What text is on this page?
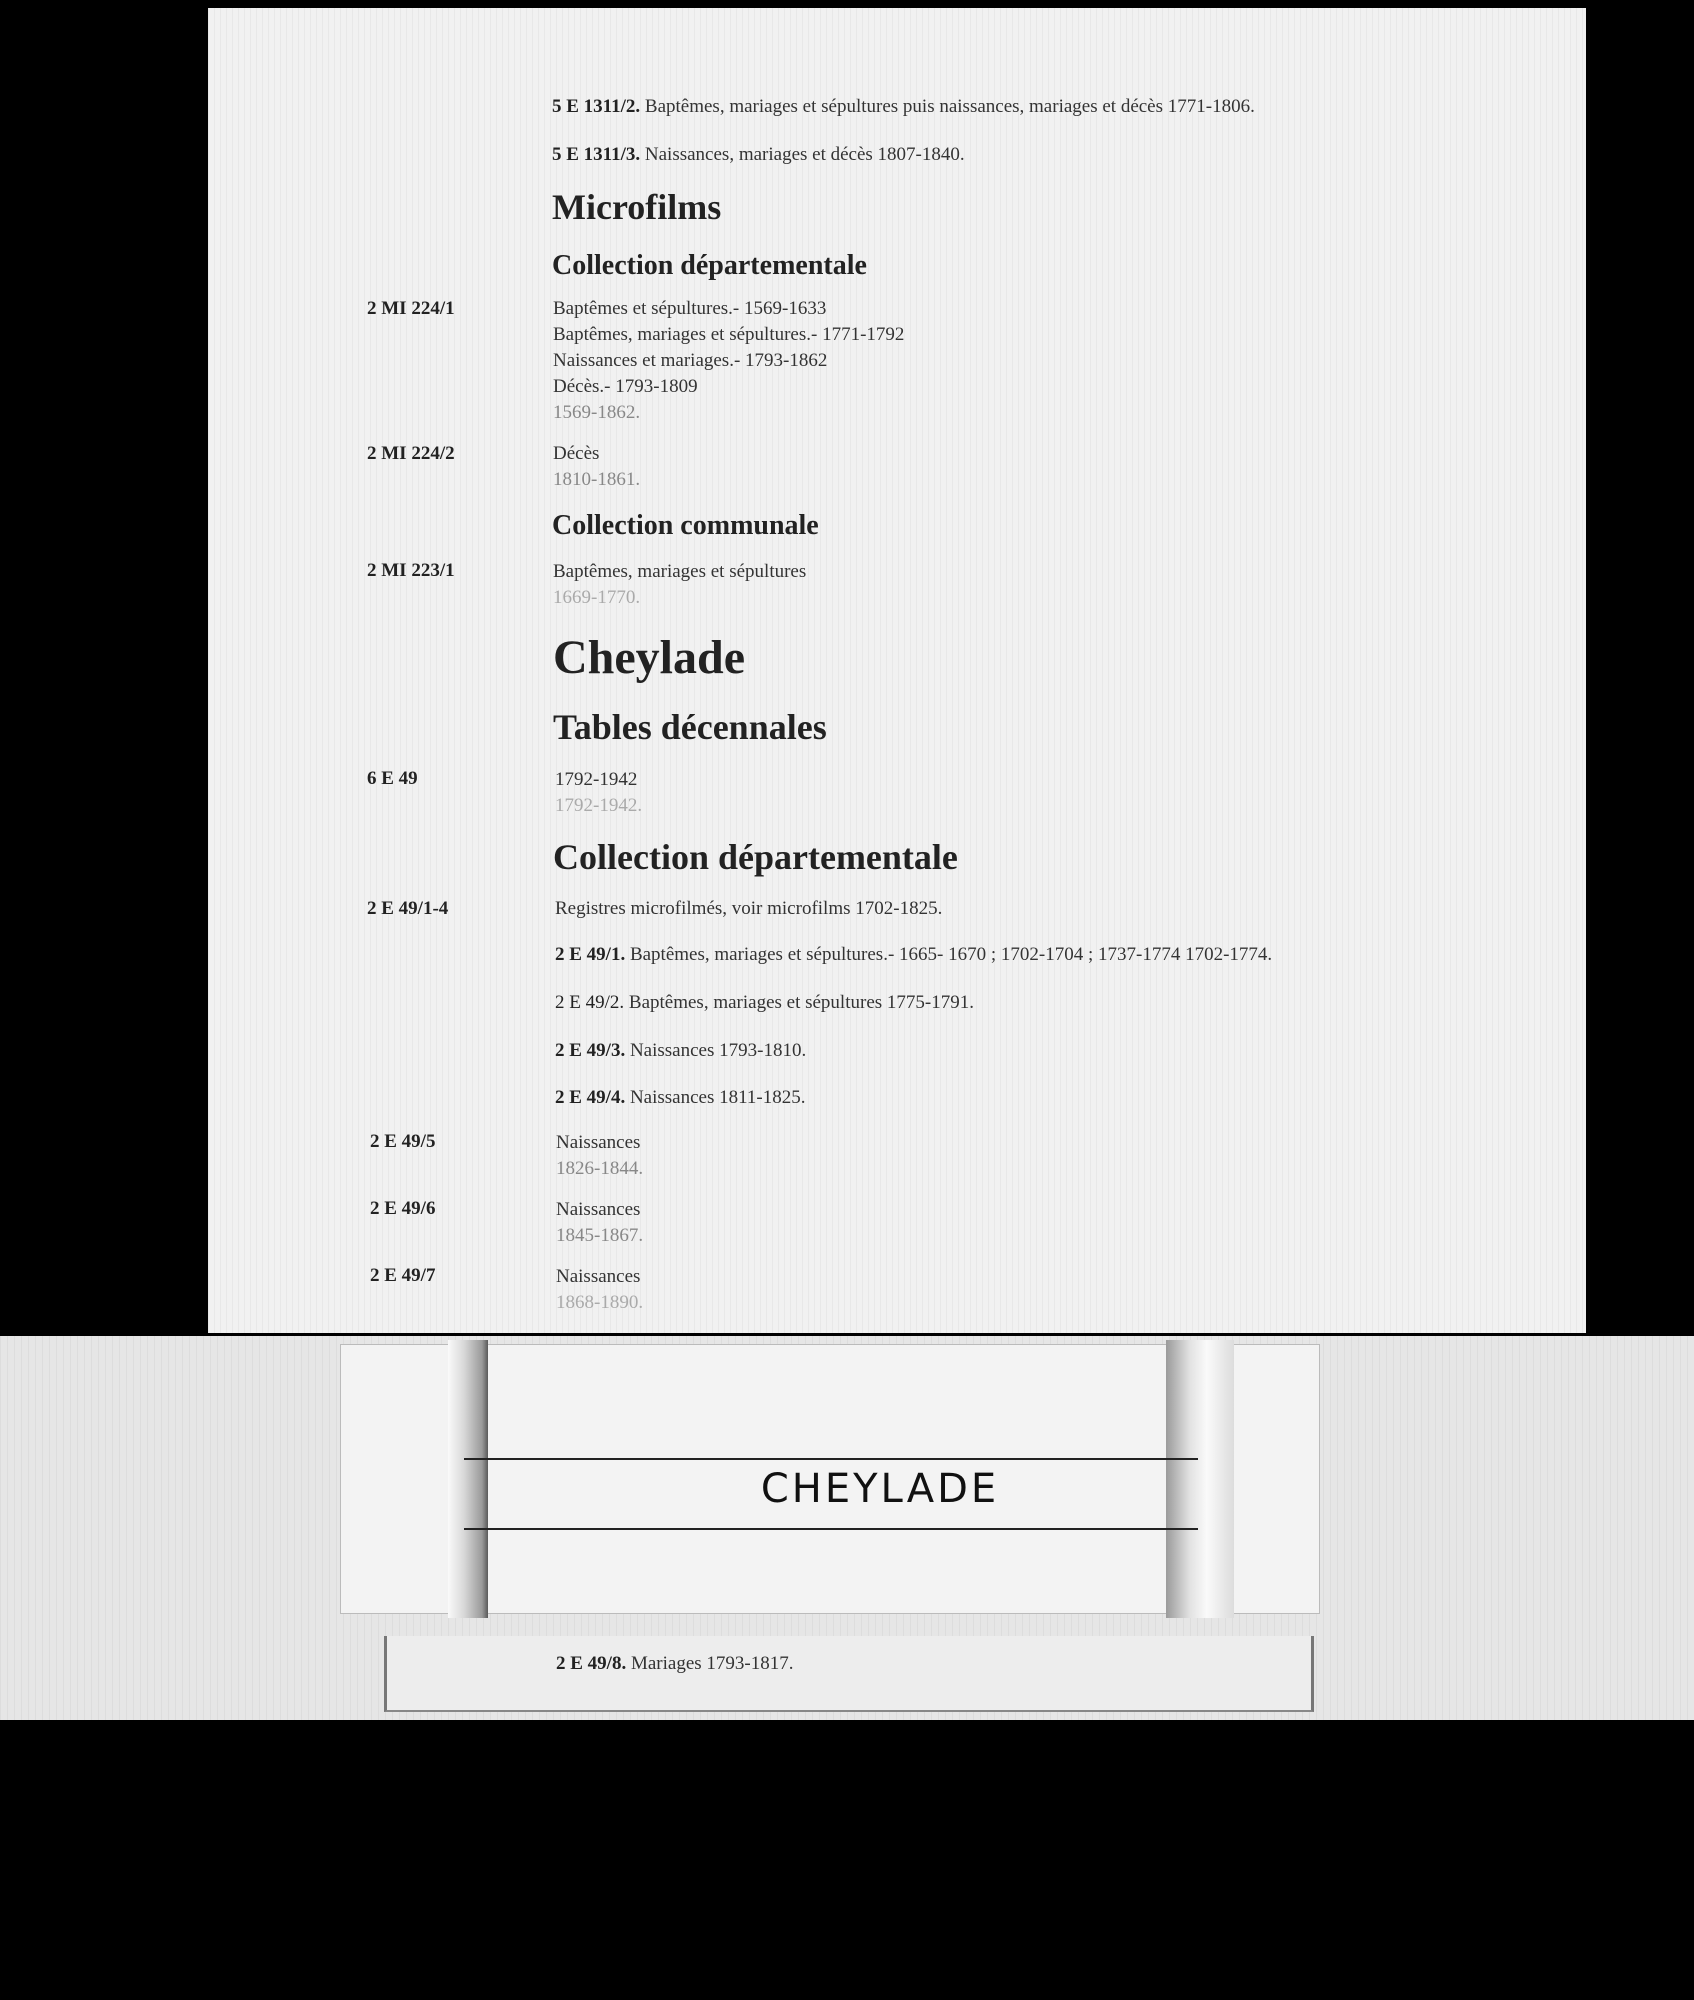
5 E 1311/2. Baptêmes, mariages et sépultures puis naissances, mariages et décès 1771-1806.
5 E 1311/3. Naissances, mariages et décès 1807-1840.
Microfilms
Collection départementale
2 MI 224/1	Baptêmes et sépultures.- 1569-1633
Baptêmes, mariages et sépultures.- 1771-1792
Naissances et mariages.- 1793-1862
Décès.- 1793-1809
1569-1862.
2 MI 224/2	Décès
1810-1861.
Collection communale
2 MI 223/1	Baptêmes, mariages et sépultures
1669-1770.
Cheylade
Tables décennales
6 E 49	1792-1942
1792-1942.
Collection départementale
2 E 49/1-4	Registres microfilmés, voir microfilms 1702-1825.
2 E 49/1. Baptêmes, mariages et sépultures.- 1665- 1670 ; 1702-1704 ; 1737-1774 1702-1774.
2 E 49/2. Baptêmes, mariages et sépultures 1775-1791.
2 E 49/3. Naissances 1793-1810.
2 E 49/4. Naissances 1811-1825.
2 E 49/5	Naissances
1826-1844.
2 E 49/6	Naissances
1845-1867.
2 E 49/7	Naissances
1868-1890.
CHEYLADE
2 E 49/8. Mariages 1793-1817.
